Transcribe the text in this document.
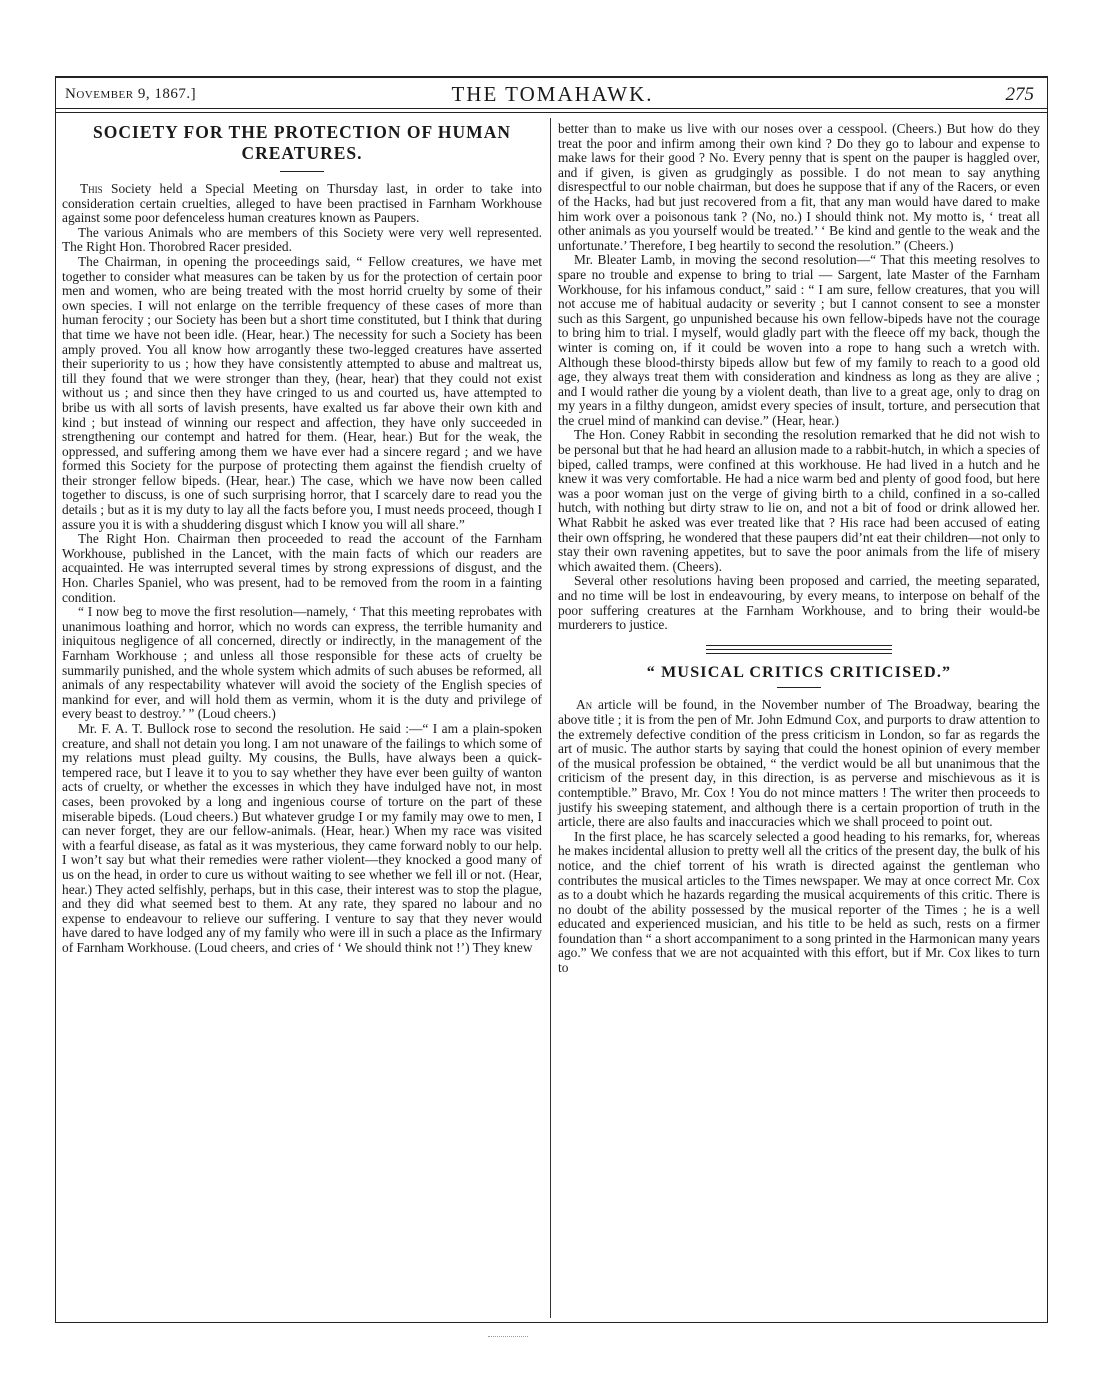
November 9, 1867.]	THE TOMAHAWK.	275
SOCIETY FOR THE PROTECTION OF HUMAN CREATURES.

This Society held a Special Meeting on Thursday last, in order to take into consideration certain cruelties, alleged to have been practised in Farnham Workhouse against some poor defenceless human creatures known as Paupers.

The various Animals who are members of this Society were very well represented. The Right Hon. Thorobred Racer presided.

The Chairman, in opening the proceedings said, “ Fellow creatures, we have met together to consider what measures can be taken by us for the protection of certain poor men and women, who are being treated with the most horrid cruelty by some of their own species. I will not enlarge on the terrible frequency of these cases of more than human ferocity ; our Society has been but a short time constituted, but I think that during that time we have not been idle. (Hear, hear.) The necessity for such a Society has been amply proved. You all know how arrogantly these two-legged creatures have asserted their superiority to us ; how they have consistently attempted to abuse and maltreat us, till they found that we were stronger than they, (hear, hear) that they could not exist without us ; and since then they have cringed to us and courted us, have attempted to bribe us with all sorts of lavish presents, have exalted us far above their own kith and kind ; but instead of winning our respect and affection, they have only succeeded in strengthening our contempt and hatred for them. (Hear, hear.) But for the weak, the oppressed, and suffering among them we have ever had a sincere regard ; and we have formed this Society for the purpose of protecting them against the fiendish cruelty of their stronger fellow bipeds. (Hear, hear.) The case, which we have now been called together to discuss, is one of such surprising horror, that I scarcely dare to read you the details ; but as it is my duty to lay all the facts before you, I must needs proceed, though I assure you it is with a shuddering disgust which I know you will all share.”

The Right Hon. Chairman then proceeded to read the account of the Farnham Workhouse, published in the Lancet, with the main facts of which our readers are acquainted. He was interrupted several times by strong expressions of disgust, and the Hon. Charles Spaniel, who was present, had to be removed from the room in a fainting condition.

“ I now beg to move the first resolution—namely, ‘ That this meeting reprobates with unanimous loathing and horror, which no words can express, the terrible humanity and iniquitous negligence of all concerned, directly or indirectly, in the management of the Farnham Workhouse ; and unless all those responsible for these acts of cruelty be summarily punished, and the whole system which admits of such abuses be reformed, all animals of any respectability whatever will avoid the society of the English species of mankind for ever, and will hold them as vermin, whom it is the duty and privilege of every beast to destroy.’ ” (Loud cheers.)

Mr. F. A. T. Bullock rose to second the resolution. He said :—“ I am a plain-spoken creature, and shall not detain you long. I am not unaware of the failings to which some of my relations must plead guilty. My cousins, the Bulls, have always been a quick-tempered race, but I leave it to you to say whether they have ever been guilty of wanton acts of cruelty, or whether the excesses in which they have indulged have not, in most cases, been provoked by a long and ingenious course of torture on the part of these miserable bipeds. (Loud cheers.) But whatever grudge I or my family may owe to men, I can never forget, they are our fellow-animals. (Hear, hear.) When my race was visited with a fearful disease, as fatal as it was mysterious, they came forward nobly to our help. I won’t say but what their remedies were rather violent—they knocked a good many of us on the head, in order to cure us without waiting to see whether we fell ill or not. (Hear, hear.) They acted selfishly, perhaps, but in this case, their interest was to stop the plague, and they did what seemed best to them. At any rate, they spared no labour and no expense to endeavour to relieve our suffering. I venture to say that they never would have dared to have lodged any of my family who were ill in such a place as the Infirmary of Farnham Workhouse. (Loud cheers, and cries of ‘ We should think not !’) They knew

better than to make us live with our noses over a cesspool. (Cheers.) But how do they treat the poor and infirm among their own kind ? Do they go to labour and expense to make laws for their good ? No. Every penny that is spent on the pauper is haggled over, and if given, is given as grudgingly as possible. I do not mean to say anything disrespectful to our noble chairman, but does he suppose that if any of the Racers, or even of the Hacks, had but just recovered from a fit, that any man would have dared to make him work over a poisonous tank ? (No, no.) I should think not. My motto is, ‘ treat all other animals as you yourself would be treated.’ ‘ Be kind and gentle to the weak and the unfortunate.’ Therefore, I beg heartily to second the resolution.” (Cheers.)

Mr. Bleater Lamb, in moving the second resolution—“ That this meeting resolves to spare no trouble and expense to bring to trial — Sargent, late Master of the Farnham Workhouse, for his infamous conduct,” said : “ I am sure, fellow creatures, that you will not accuse me of habitual audacity or severity ; but I cannot consent to see a monster such as this Sargent, go unpunished because his own fellow-bipeds have not the courage to bring him to trial. I myself, would gladly part with the fleece off my back, though the winter is coming on, if it could be woven into a rope to hang such a wretch with. Although these blood-thirsty bipeds allow but few of my family to reach to a good old age, they always treat them with consideration and kindness as long as they are alive ; and I would rather die young by a violent death, than live to a great age, only to drag on my years in a filthy dungeon, amidst every species of insult, torture, and persecution that the cruel mind of mankind can devise.” (Hear, hear.)

The Hon. Coney Rabbit in seconding the resolution remarked that he did not wish to be personal but that he had heard an allusion made to a rabbit-hutch, in which a species of biped, called tramps, were confined at this workhouse. He had lived in a hutch and he knew it was very comfortable. He had a nice warm bed and plenty of good food, but here was a poor woman just on the verge of giving birth to a child, confined in a so-called hutch, with nothing but dirty straw to lie on, and not a bit of food or drink allowed her. What Rabbit he asked was ever treated like that ? His race had been accused of eating their own offspring, he wondered that these paupers did’nt eat their children—not only to stay their own ravening appetites, but to save the poor animals from the life of misery which awaited them. (Cheers).

Several other resolutions having been proposed and carried, the meeting separated, and no time will be lost in endeavouring, by every means, to interpose on behalf of the poor suffering creatures at the Farnham Workhouse, and to bring their would-be murderers to justice.

“ MUSICAL CRITICS CRITICISED.”

An article will be found, in the November number of The Broadway, bearing the above title ; it is from the pen of Mr. John Edmund Cox, and purports to draw attention to the extremely defective condition of the press criticism in London, so far as regards the art of music. The author starts by saying that could the honest opinion of every member of the musical profession be obtained, “ the verdict would be all but unanimous that the criticism of the present day, in this direction, is as perverse and mischievous as it is contemptible.” Bravo, Mr. Cox ! You do not mince matters ! The writer then proceeds to justify his sweeping statement, and although there is a certain proportion of truth in the article, there are also faults and inaccuracies which we shall proceed to point out.

In the first place, he has scarcely selected a good heading to his remarks, for, whereas he makes incidental allusion to pretty well all the critics of the present day, the bulk of his notice, and the chief torrent of his wrath is directed against the gentleman who contributes the musical articles to the Times newspaper. We may at once correct Mr. Cox as to a doubt which he hazards regarding the musical acquirements of this critic. There is no doubt of the ability possessed by the musical reporter of the Times ; he is a well educated and experienced musician, and his title to be held as such, rests on a firmer foundation than “ a short accompaniment to a song printed in the Harmonican many years ago.” We confess that we are not acquainted with this effort, but if Mr. Cox likes to turn to
